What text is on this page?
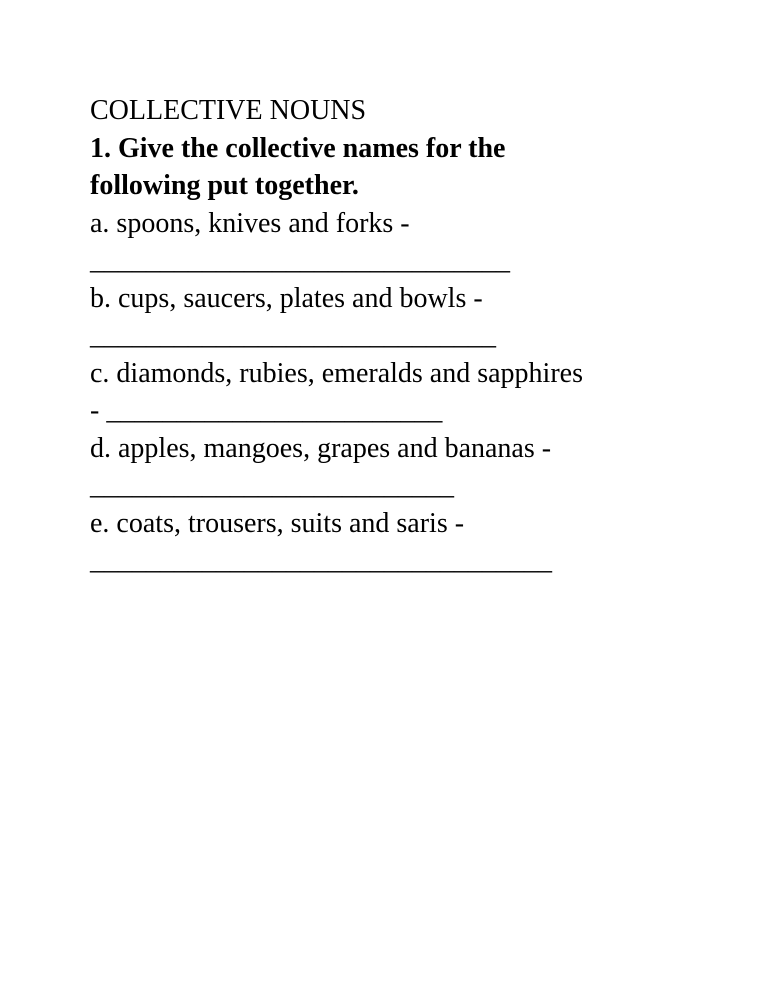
COLLECTIVE NOUNS

1. Give the collective names for the

following put together.

a. spoons, knives and forks -

______________________________

b. cups, saucers, plates and bowls -

_____________________________

c. diamonds, rubies, emeralds and sapphires

- ________________________

d. apples, mangoes, grapes and bananas -

__________________________

e. coats, trousers, suits and saris -

_________________________________
